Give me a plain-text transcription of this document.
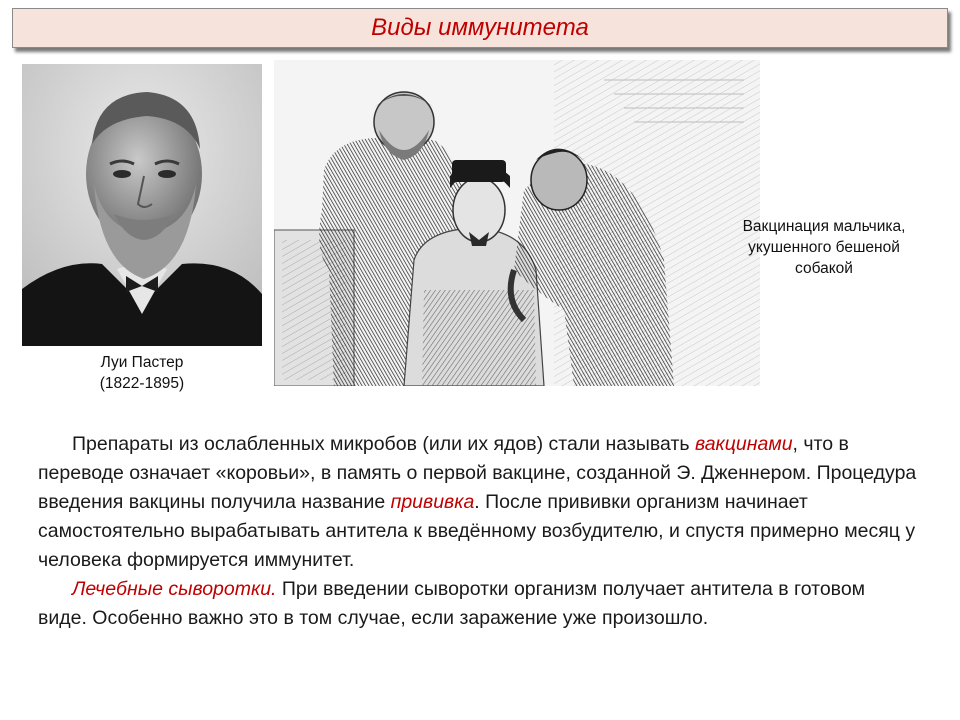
Виды иммунитета
Луи Пастер
(1822-1895)
Вакцинация мальчика,
укушенного бешеной
собакой

Препараты из ослабленных микробов (или их ядов) стали называть вакцинами, что в переводе означает «коровьи», в память о первой вакцине, созданной Э. Дженнером. Процедура введения вакцины получила название прививка. После прививки организм начинает самостоятельно вырабатывать антитела к введённому возбудителю, и спустя примерно месяц у человека формируется иммунитет.

Лечебные сыворотки. При введении сыворотки организм получает антитела в готовом виде. Особенно важно это в том случае, если заражение уже произошло.
